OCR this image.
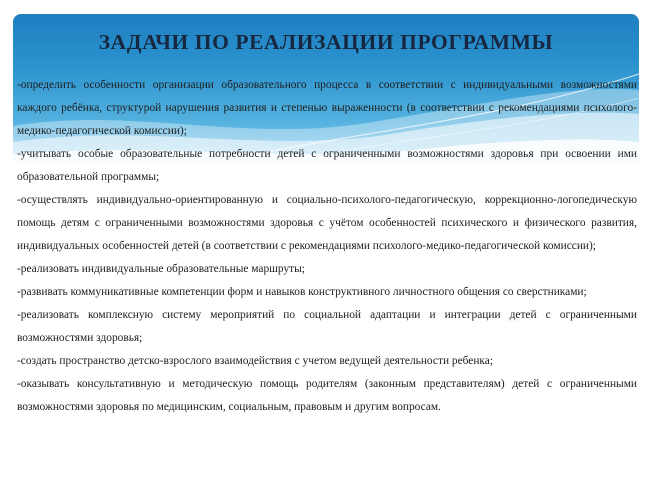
ЗАДАЧИ ПО РЕАЛИЗАЦИИ ПРОГРАММЫ
-определить особенности организации образовательного процесса в соответствии с индивидуальными возможностями каждого ребёнка, структурой нарушения развития и степенью выраженности (в соответствии с рекомендациями психолого-медико-педагогической комиссии);
-учитывать особые образовательные потребности детей с ограниченными возможностями здоровья при освоении ими образовательной программы;
-осуществлять индивидуально-ориентированную и социально-психолого-педагогическую, коррекционно-логопедическую помощь детям с ограниченными возможностями здоровья с учётом особенностей психического и физического развития, индивидуальных особенностей детей (в соответствии с рекомендациями психолого-медико-педагогической комиссии);
-реализовать индивидуальные образовательные маршруты;
-развивать коммуникативные компетенции форм и навыков конструктивного личностного общения со сверстниками;
-реализовать комплексную систему мероприятий по социальной адаптации и интеграции детей с ограниченными возможностями здоровья;
-создать пространство детско-взрослого взаимодействия с учетом ведущей деятельности ребенка;
-оказывать консультативную и методическую помощь родителям (законным представителям) детей с ограниченными возможностями здоровья по медицинским, социальным, правовым и другим вопросам.
